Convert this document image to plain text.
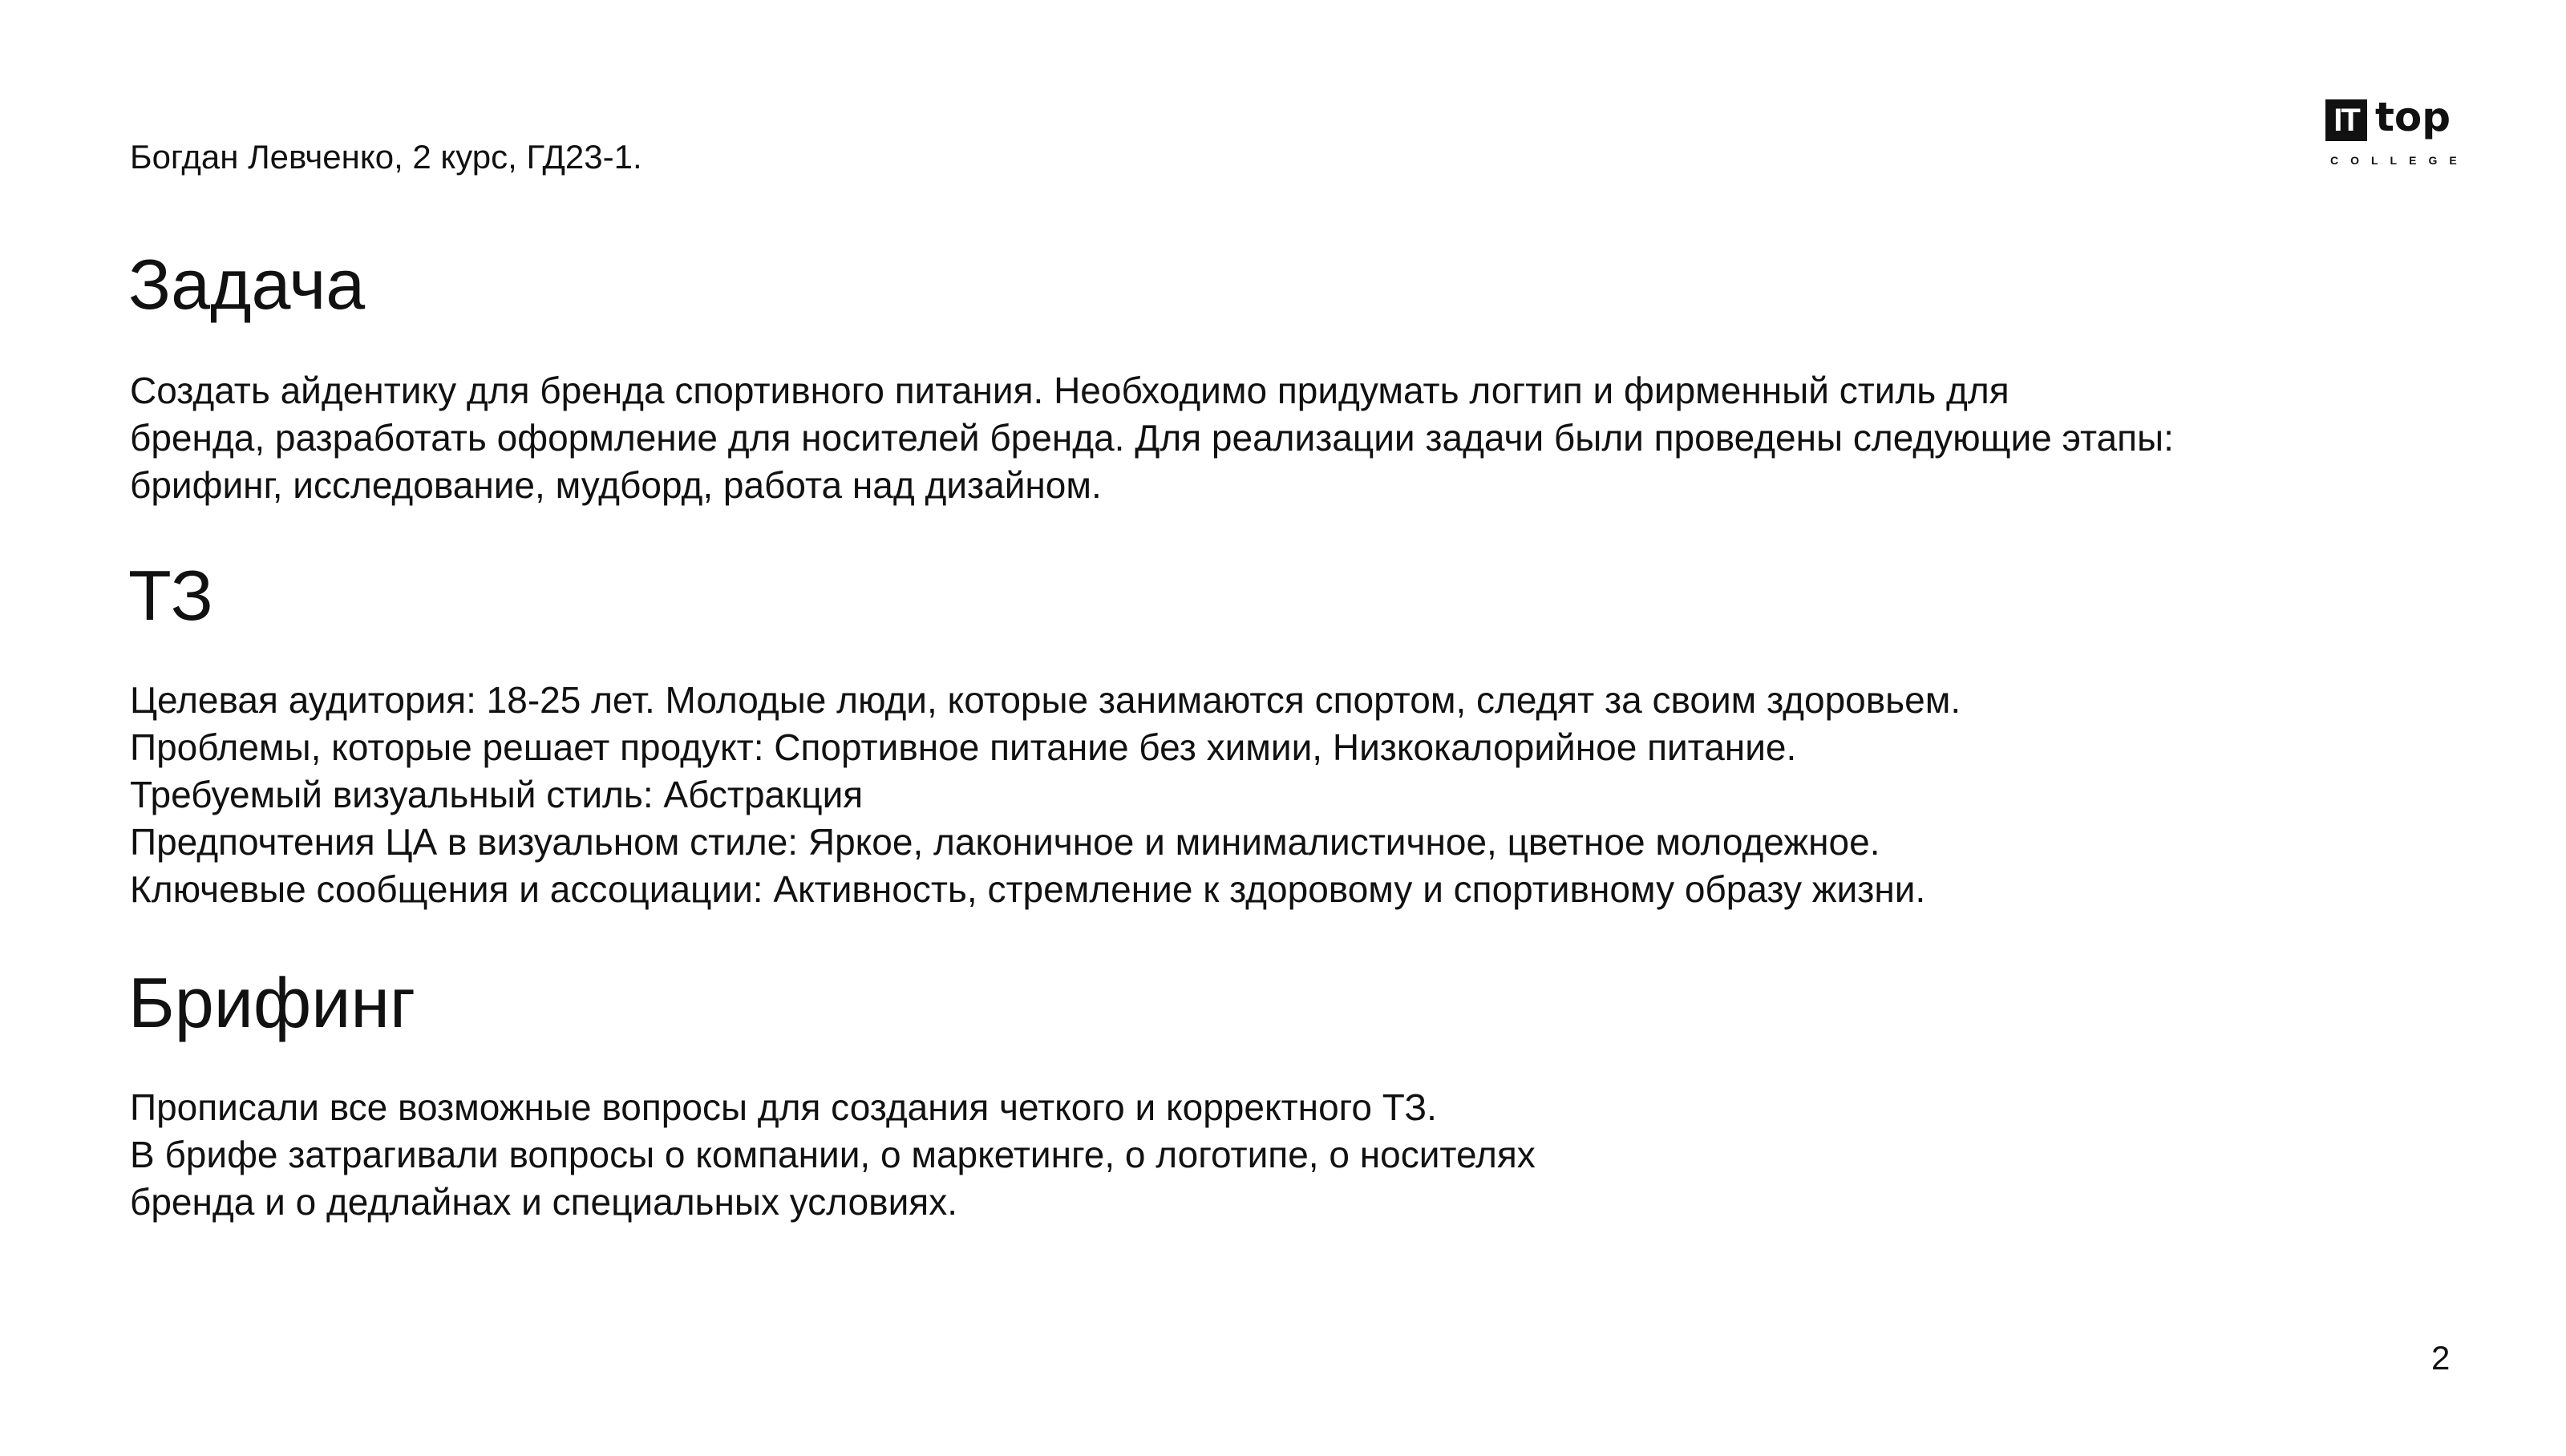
Богдан Левченко, 2 курс, ГД23-1.
IT top
COLLEGE
Задача
Создать айдентику для бренда спортивного питания. Необходимо придумать логтип и фирменный стиль для
бренда, разработать оформление для носителей бренда. Для реализации задачи были проведены следующие этапы:
брифинг, исследование, мудборд, работа над дизайном.
ТЗ
Целевая аудитория: 18-25 лет. Молодые люди, которые занимаются спортом, следят за своим здоровьем.
Проблемы, которые решает продукт: Спортивное питание без химии, Низкокалорийное питание.
Требуемый визуальный стиль: Абстракция
Предпочтения ЦА в визуальном стиле: Яркое, лаконичное и минималистичное, цветное молодежное.
Ключевые сообщения и ассоциации: Активность, стремление к здоровому и спортивному образу жизни.
Брифинг
Прописали все возможные вопросы для создания четкого и корректного ТЗ.
В брифе затрагивали вопросы о компании, о маркетинге, о логотипе, о носителях
бренда и о дедлайнах и специальных условиях.
2
